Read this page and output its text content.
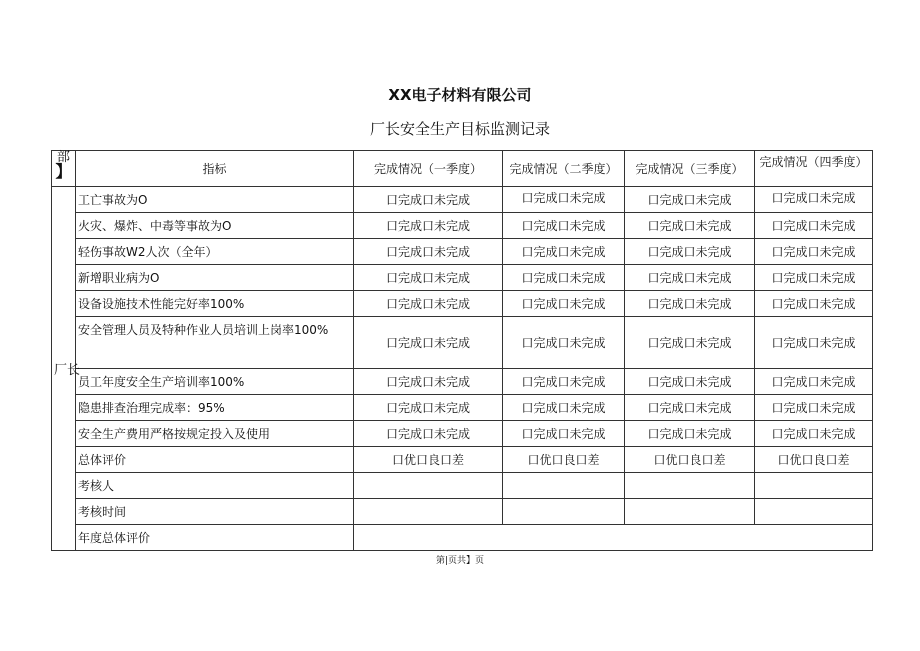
XX电子材料有限公司
厂长安全生产目标监测记录
部
】	指标	完成情况（一季度）	完成情况（二季度）	完成情况（三季度）	完成情况（四季度）
厂长	工亡事故为O	口完成口未完成	口完成口未完成	口完成口未完成	口完成口未完成
	火灾、爆炸、中毒等事故为O	口完成口未完成	口完成口未完成	口完成口未完成	口完成口未完成
	轻伤事故W2人次（全年）	口完成口未完成	口完成口未完成	口完成口未完成	口完成口未完成
	新增职业病为O	口完成口未完成	口完成口未完成	口完成口未完成	口完成口未完成
	设备设施技术性能完好率100%	口完成口未完成	口完成口未完成	口完成口未完成	口完成口未完成
	安全管理人员及特种作业人员培训上岗率100%	口完成口未完成	口完成口未完成	口完成口未完成	口完成口未完成
	员工年度安全生产培训率100%	口完成口未完成	口完成口未完成	口完成口未完成	口完成口未完成
	隐患排查治理完成率：95%	口完成口未完成	口完成口未完成	口完成口未完成	口完成口未完成
	安全生产费用严格按规定投入及使用	口完成口未完成	口完成口未完成	口完成口未完成	口完成口未完成
	总体评价	口优口良口差	口优口良口差	口优口良口差	口优口良口差
	考核人				
	考核时间				
	年度总体评价				
第|页共】页
